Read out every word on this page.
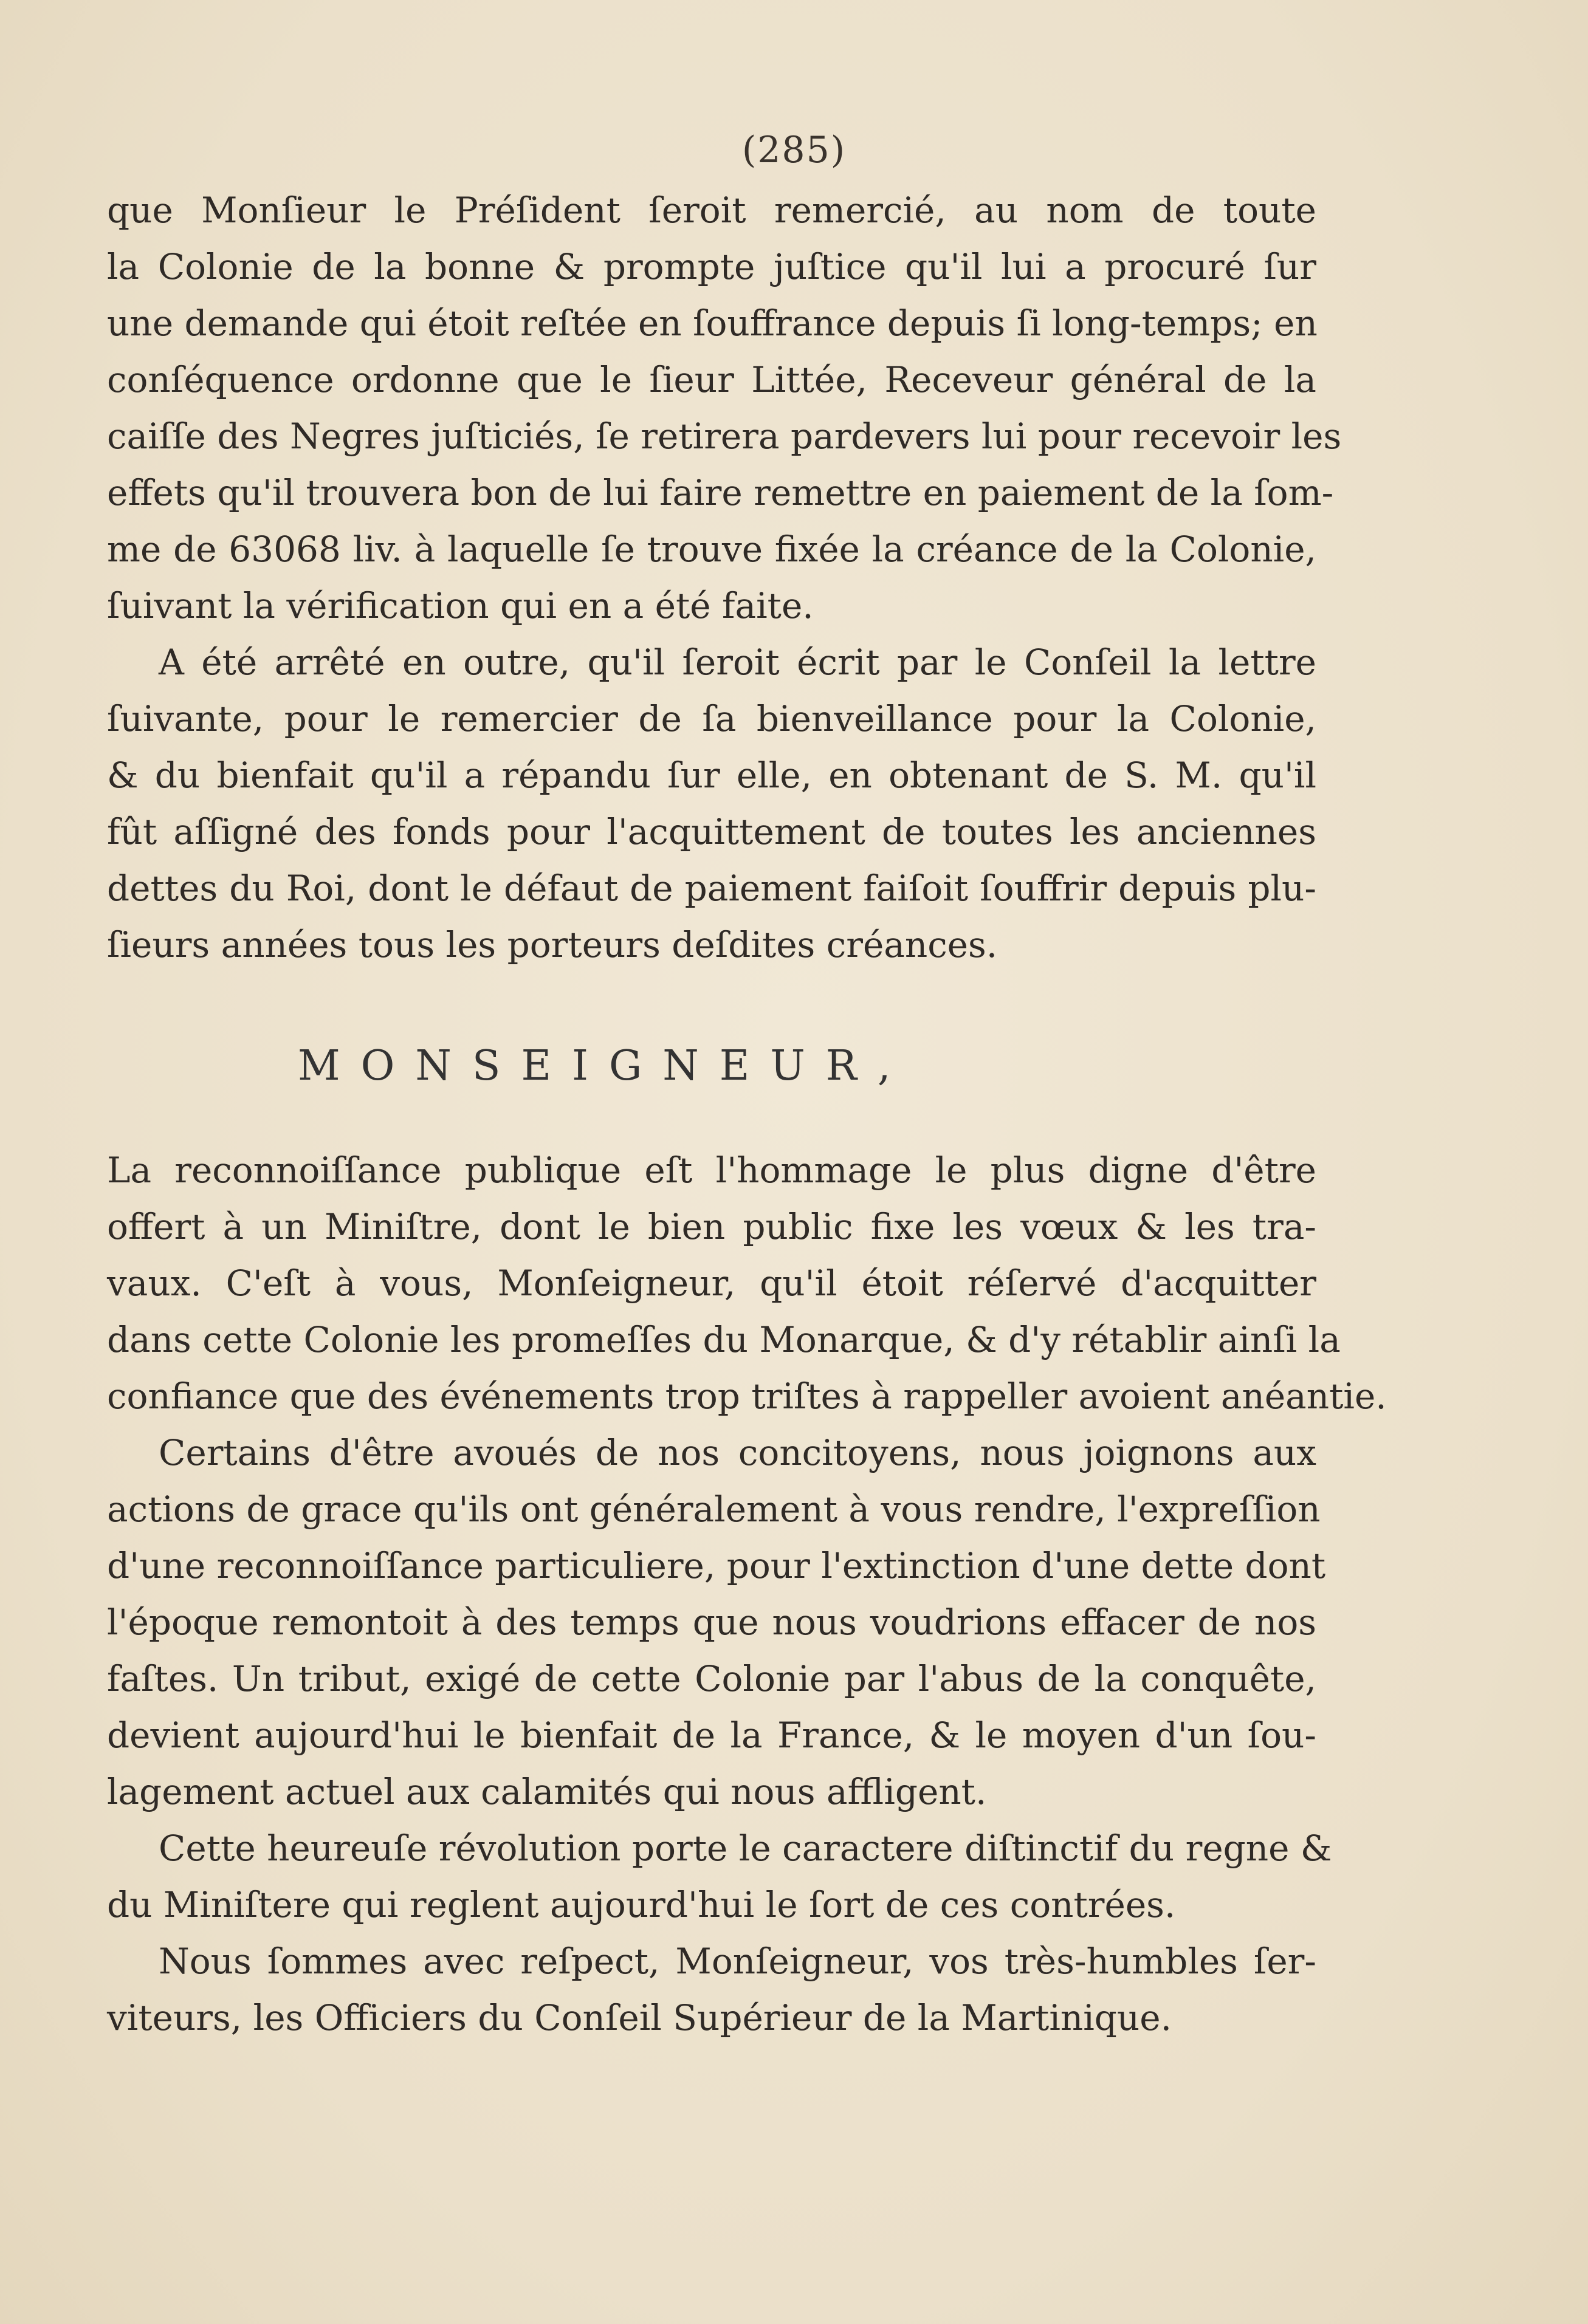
(285)
que Monſieur le Préſident ſeroit remercié, au nom de toute
la Colonie de la bonne & prompte juſtice qu'il lui a procuré ſur
une demande qui étoit reſtée en ſouffrance depuis ſi long-temps; en
conſéquence ordonne que le ſieur Littée, Receveur général de la
caiſſe des Negres juſticiés, ſe retirera pardevers lui pour recevoir les
effets qu'il trouvera bon de lui faire remettre en paiement de la ſom-
me de 63068 liv. à laquelle ſe trouve fixée la créance de la Colonie,
ſuivant la vérification qui en a été faite.
A été arrêté en outre, qu'il ſeroit écrit par le Conſeil la lettre
ſuivante, pour le remercier de ſa bienveillance pour la Colonie,
& du bienfait qu'il a répandu ſur elle, en obtenant de S. M. qu'il
fût aſſigné des fonds pour l'acquittement de toutes les anciennes
dettes du Roi, dont le défaut de paiement faiſoit ſouffrir depuis plu-
ſieurs années tous les porteurs deſdites créances.
MONSEIGNEUR,
La reconnoiſſance publique eſt l'hommage le plus digne d'être
offert à un Miniſtre, dont le bien public fixe les vœux & les tra-
vaux. C'eſt à vous, Monſeigneur, qu'il étoit réſervé d'acquitter
dans cette Colonie les promeſſes du Monarque, & d'y rétablir ainſi la
confiance que des événements trop triſtes à rappeller avoient anéantie.
Certains d'être avoués de nos concitoyens, nous joignons aux
actions de grace qu'ils ont généralement à vous rendre, l'expreſſion
d'une reconnoiſſance particuliere, pour l'extinction d'une dette dont
l'époque remontoit à des temps que nous voudrions effacer de nos
faſtes. Un tribut, exigé de cette Colonie par l'abus de la conquête,
devient aujourd'hui le bienfait de la France, & le moyen d'un ſou-
lagement actuel aux calamités qui nous affligent.
Cette heureuſe révolution porte le caractere diſtinctif du regne &
du Miniſtere qui reglent aujourd'hui le ſort de ces contrées.
Nous ſommes avec reſpect, Monſeigneur, vos très-humbles ſer-
viteurs, les Officiers du Conſeil Supérieur de la Martinique.
